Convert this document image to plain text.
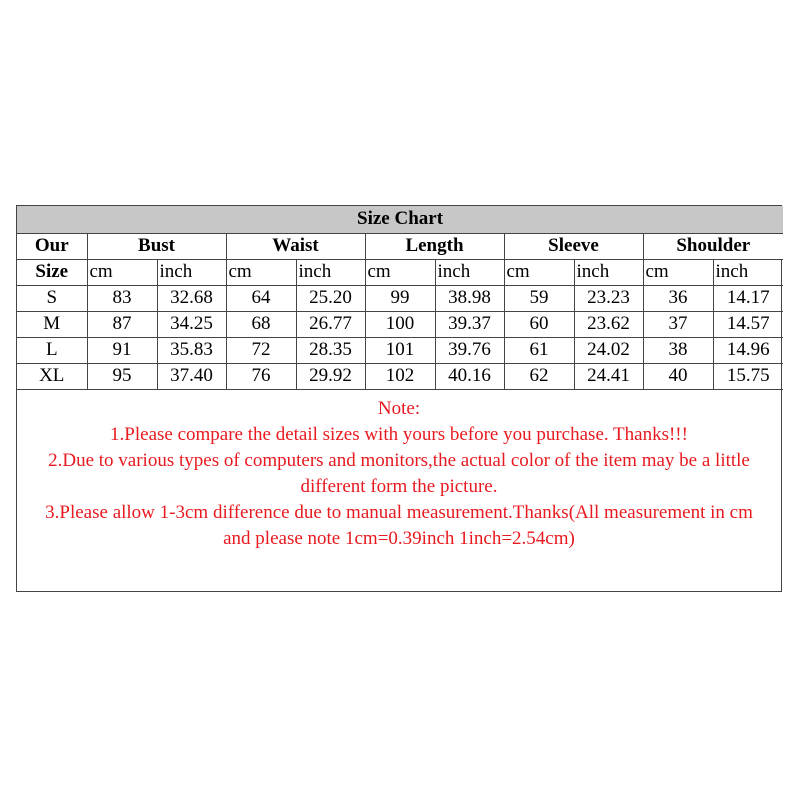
Size Chart										
Our	Bust		Waist		Length		Sleeve		Shoulder	
Size	cm	inch	cm	inch	cm	inch	cm	inch	cm	inch
S	83	32.68	64	25.20	99	38.98	59	23.23	36	14.17
M	87	34.25	68	26.77	100	39.37	60	23.62	37	14.57
L	91	35.83	72	28.35	101	39.76	61	24.02	38	14.96
XL	95	37.40	76	29.92	102	40.16	62	24.41	40	15.75
Note:
1.Please compare the detail sizes with yours before you purchase. Thanks!!!
2.Due to various types of computers and monitors,the actual color of the item may be a little
different form the picture.
3.Please allow 1-3cm difference due to manual measurement.Thanks(All measurement in cm
and please note 1cm=0.39inch 1inch=2.54cm)
